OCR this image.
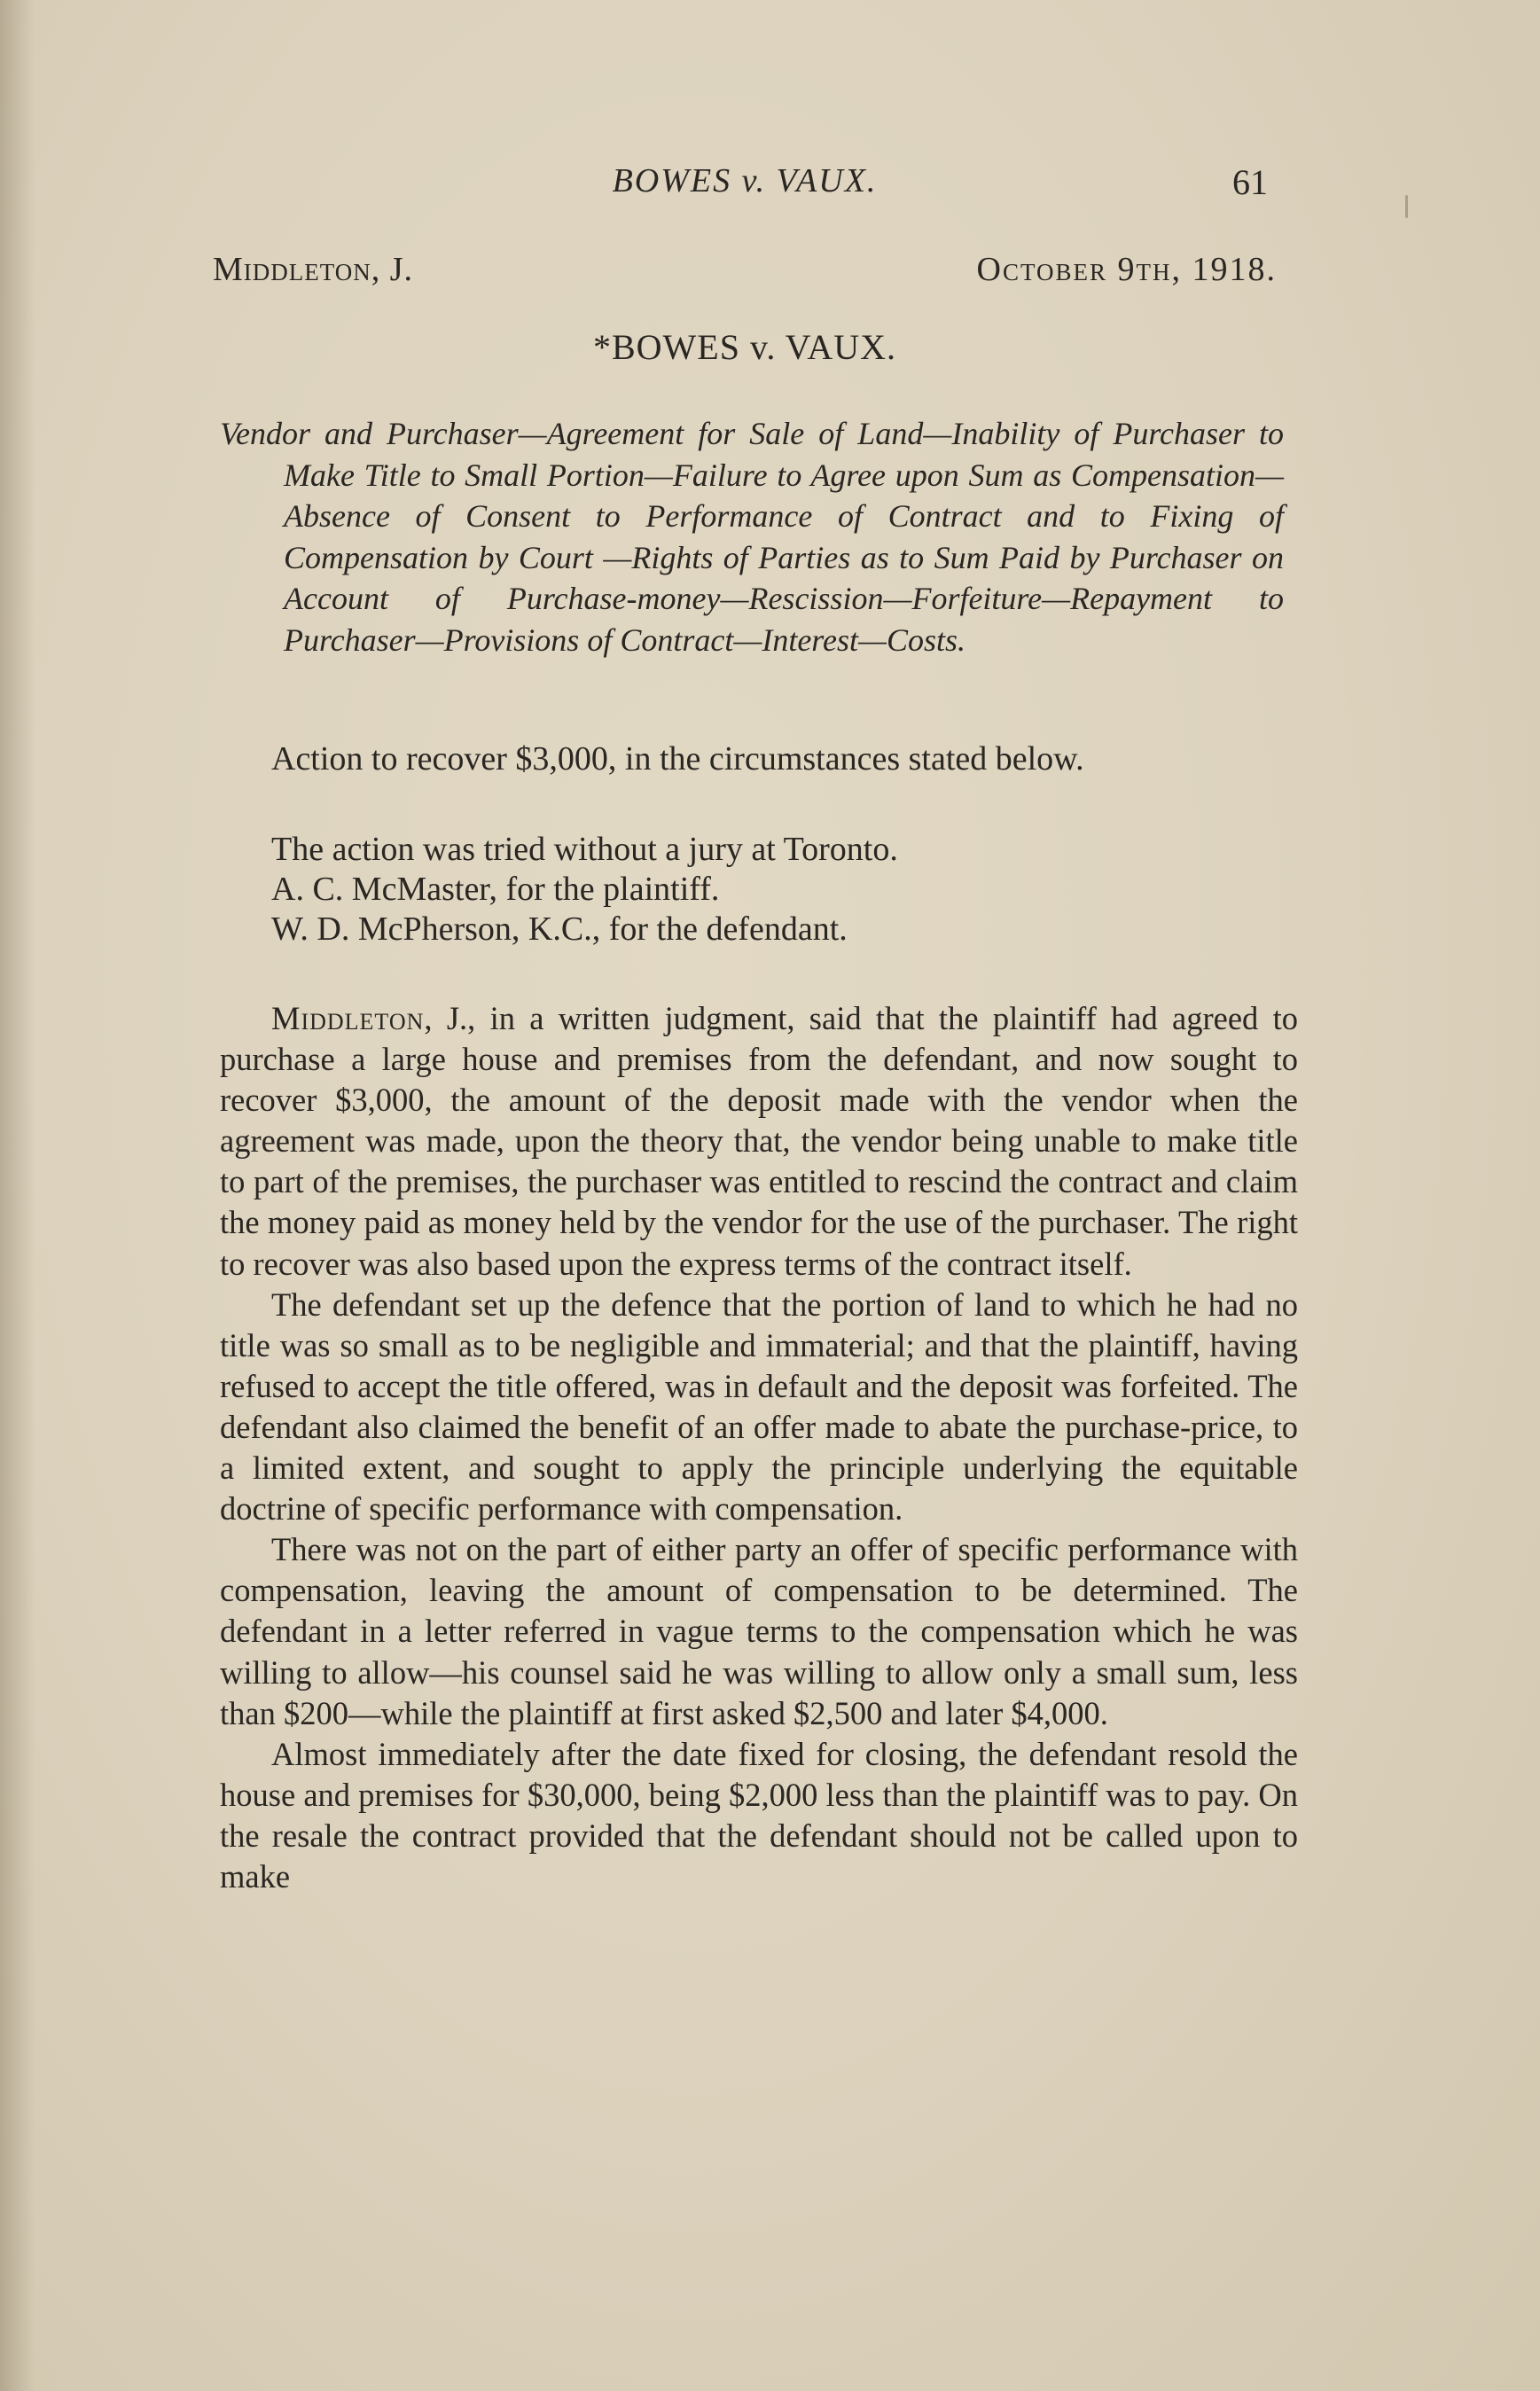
BOWES v. VAUX.	61
Middleton, J.	October 9th, 1918.
*BOWES v. VAUX.
Vendor and Purchaser—Agreement for Sale of Land—Inability of Purchaser to Make Title to Small Portion—Failure to Agree upon Sum as Compensation—Absence of Consent to Performance of Contract and to Fixing of Compensation by Court —Rights of Parties as to Sum Paid by Purchaser on Account of Purchase-money—Rescission—Forfeiture—Repayment to Purchaser—Provisions of Contract—Interest—Costs.
Action to recover $3,000, in the circumstances stated below.
The action was tried without a jury at Toronto.
A. C. McMaster, for the plaintiff.
W. D. McPherson, K.C., for the defendant.

Middleton, J., in a written judgment, said that the plaintiff had agreed to purchase a large house and premises from the defendant, and now sought to recover $3,000, the amount of the deposit made with the vendor when the agreement was made, upon the theory that, the vendor being unable to make title to part of the premises, the purchaser was entitled to rescind the contract and claim the money paid as money held by the vendor for the use of the purchaser. The right to recover was also based upon the express terms of the contract itself.

The defendant set up the defence that the portion of land to which he had no title was so small as to be negligible and immaterial; and that the plaintiff, having refused to accept the title offered, was in default and the deposit was forfeited. The defendant also claimed the benefit of an offer made to abate the purchase-price, to a limited extent, and sought to apply the principle underlying the equitable doctrine of specific performance with compensation.

There was not on the part of either party an offer of specific performance with compensation, leaving the amount of compensation to be determined. The defendant in a letter referred in vague terms to the compensation which he was willing to allow—his counsel said he was willing to allow only a small sum, less than $200—while the plaintiff at first asked $2,500 and later $4,000.

Almost immediately after the date fixed for closing, the defendant resold the house and premises for $30,000, being $2,000 less than the plaintiff was to pay. On the resale the contract provided that the defendant should not be called upon to make
